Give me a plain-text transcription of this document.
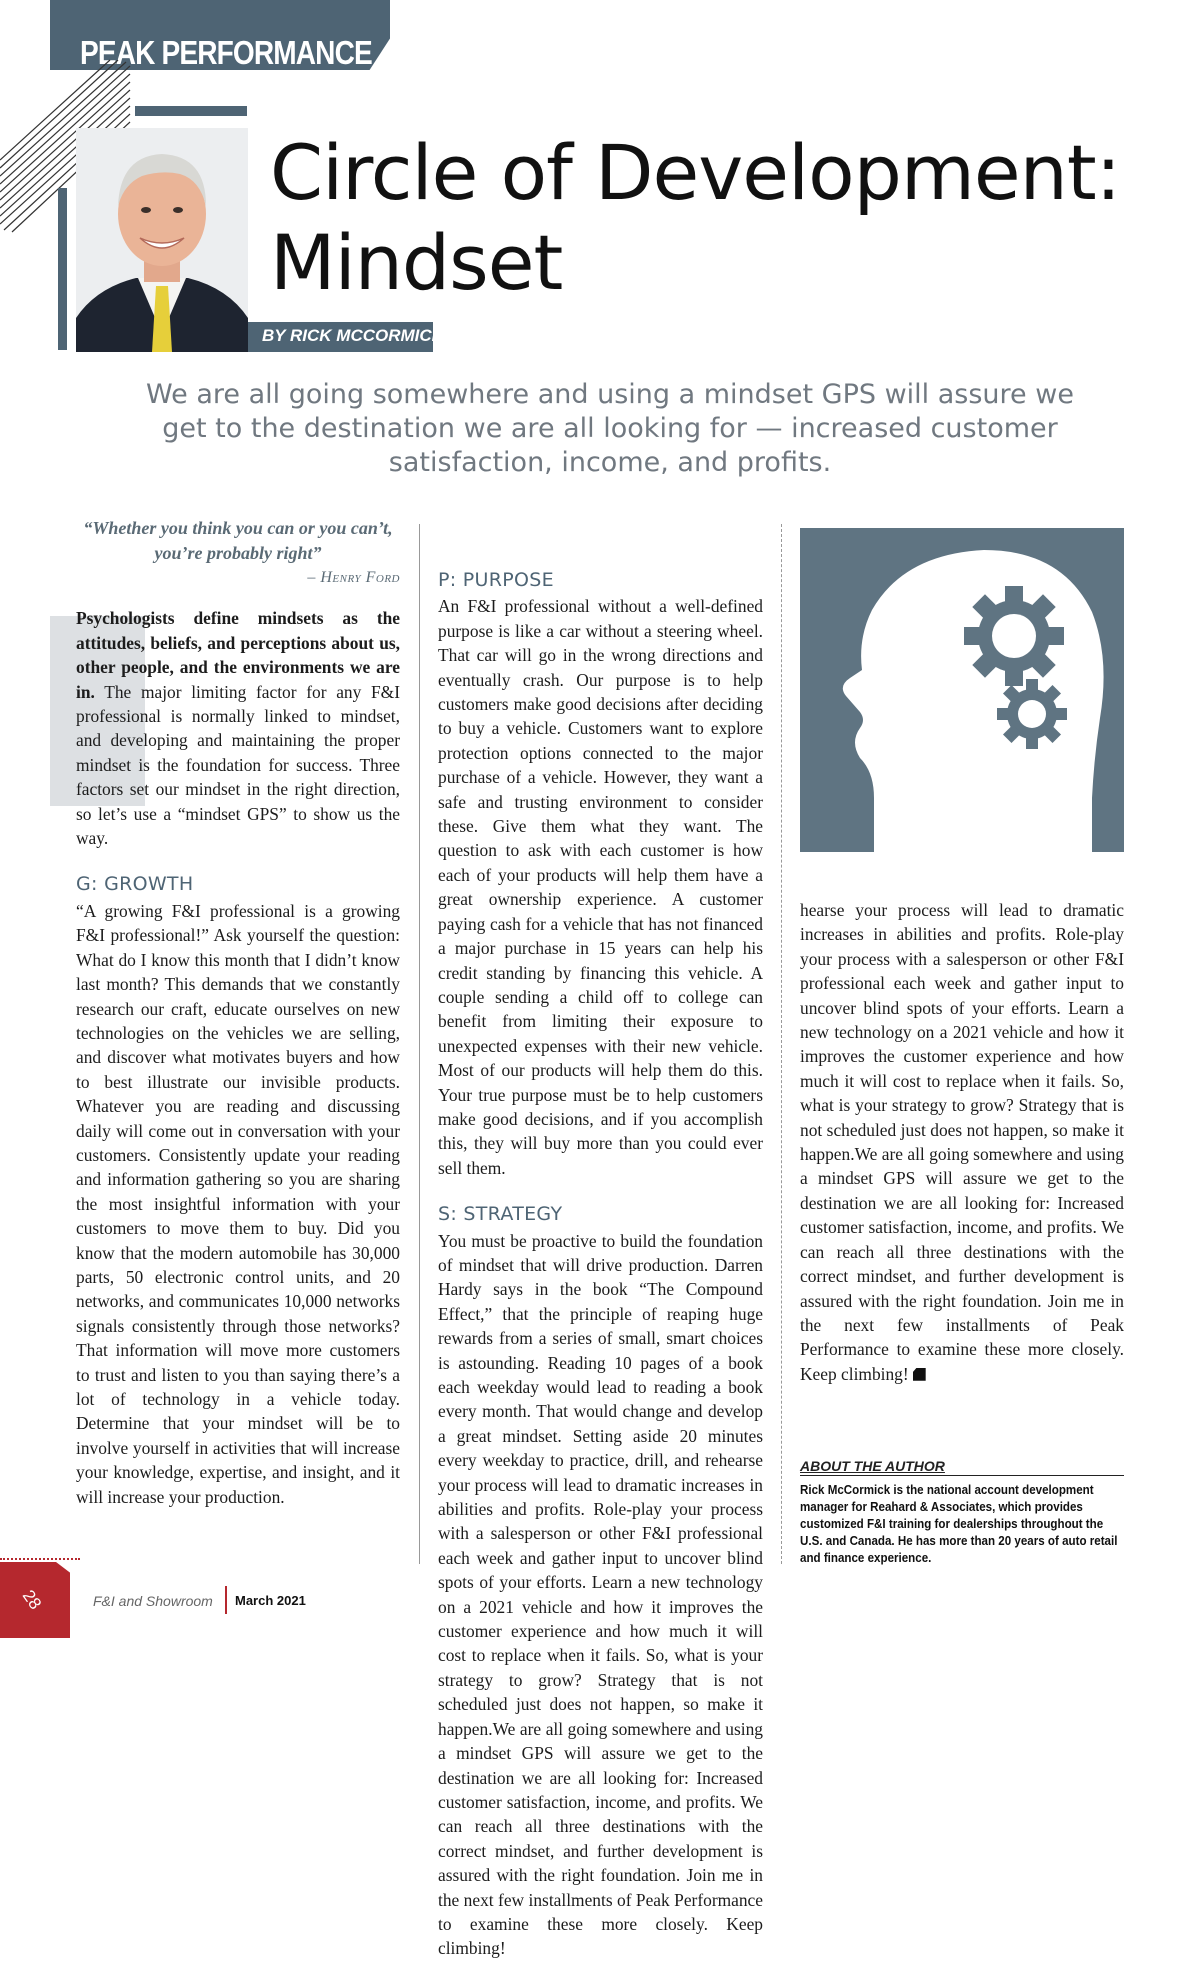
PEAK PERFORMANCE
BY RICK MCCORMICK
Circle of Development:
Mindset
We are all going somewhere and using a mindset GPS will assure we get to the destination we are all looking for — increased customer satisfaction, income, and profits.
“Whether you think you can or you can’t, you’re probably right”
– Henry Ford

Psychologists define mindsets as the attitudes, beliefs, and perceptions about us, other people, and the environments we are in. The major limiting factor for any F&I professional is normally linked to mindset, and developing and maintaining the proper mindset is the foundation for success. Three factors set our mindset in the right direction, so let’s use a “mindset GPS” to show us the way.

G: GROWTH

“A growing F&I professional is a growing F&I professional!” Ask yourself the question: What do I know this month that I didn’t know last month? This demands that we constantly research our craft, educate ourselves on new technologies on the vehicles we are selling, and discover what motivates buyers and how to best illustrate our invisible products. Whatever you are reading and discussing daily will come out in conversation with your customers. Consistently update your reading and information gathering so you are sharing the most insightful information with your customers to move them to buy. Did you know that the modern automobile has 30,000 parts, 50 electronic control units, and 20 networks, and communicates 10,000 networks signals consistently through those networks? That information will move more customers to trust and listen to you than saying there’s a lot of technology in a vehicle today. Determine that your mindset will be to involve yourself in activities that will increase your knowledge, expertise, and insight, and it will increase your production.

P: PURPOSE

An F&I professional without a well-defined purpose is like a car without a steering wheel. That car will go in the wrong directions and eventually crash. Our purpose is to help customers make good decisions after deciding to buy a vehicle. Customers want to explore protection options connected to the major purchase of a vehicle. However, they want a safe and trusting environment to consider these. Give them what they want. The question to ask with each customer is how each of your products will help them have a great ownership experience. A customer paying cash for a vehicle that has not financed a major purchase in 15 years can help his credit standing by financing this vehicle. A couple sending a child off to college can benefit from limiting their exposure to unexpected expenses with their new vehicle. Most of our products will help them do this. Your true purpose must be to help customers make good decisions, and if you accomplish this, they will buy more than you could ever sell them.

S: STRATEGY

You must be proactive to build the foundation of mindset that will drive production. Darren Hardy says in the book “The Compound Effect,” that the principle of reaping huge rewards from a series of small, smart choices is astounding. Reading 10 pages of a book each weekday would lead to reading a book every month. That would change and develop a great mindset. Setting aside 20 minutes every weekday to practice, drill, and rehearse your process will lead to dramatic increases in abilities and profits. Role-play your process with a salesperson or other F&I professional each week and gather input to uncover blind spots of your efforts. Learn a new technology on a 2021 vehicle and how it improves the customer experience and how much it will cost to replace when it fails. So, what is your strategy to grow? Strategy that is not scheduled just does not happen, so make it happen.We are all going somewhere and using a mindset GPS will assure we get to the destination we are all looking for: Increased customer satisfaction, income, and profits. We can reach all three destinations with the correct mindset, and further development is assured with the right foundation. Join me in the next few installments of Peak Performance to examine these more closely. Keep climbing!

hearse your process will lead to dramatic increases in abilities and profits. Role-play your process with a salesperson or other F&I professional each week and gather input to uncover blind spots of your efforts. Learn a new technology on a 2021 vehicle and how it improves the customer experience and how much it will cost to replace when it fails. So, what is your strategy to grow? Strategy that is not scheduled just does not happen, so make it happen.We are all going somewhere and using a mindset GPS will assure we get to the destination we are all looking for: Increased customer satisfaction, income, and profits. We can reach all three destinations with the correct mindset, and further development is assured with the right foundation. Join me in the next few installments of Peak Performance to examine these more closely. Keep climbing!

ABOUT THE AUTHOR
Rick McCormick is the national account development manager for Reahard & Associates, which provides customized F&I training for dealerships throughout the U.S. and Canada. He has more than 20 years of auto retail and finance experience.
28	F&I and Showroom March 2021
